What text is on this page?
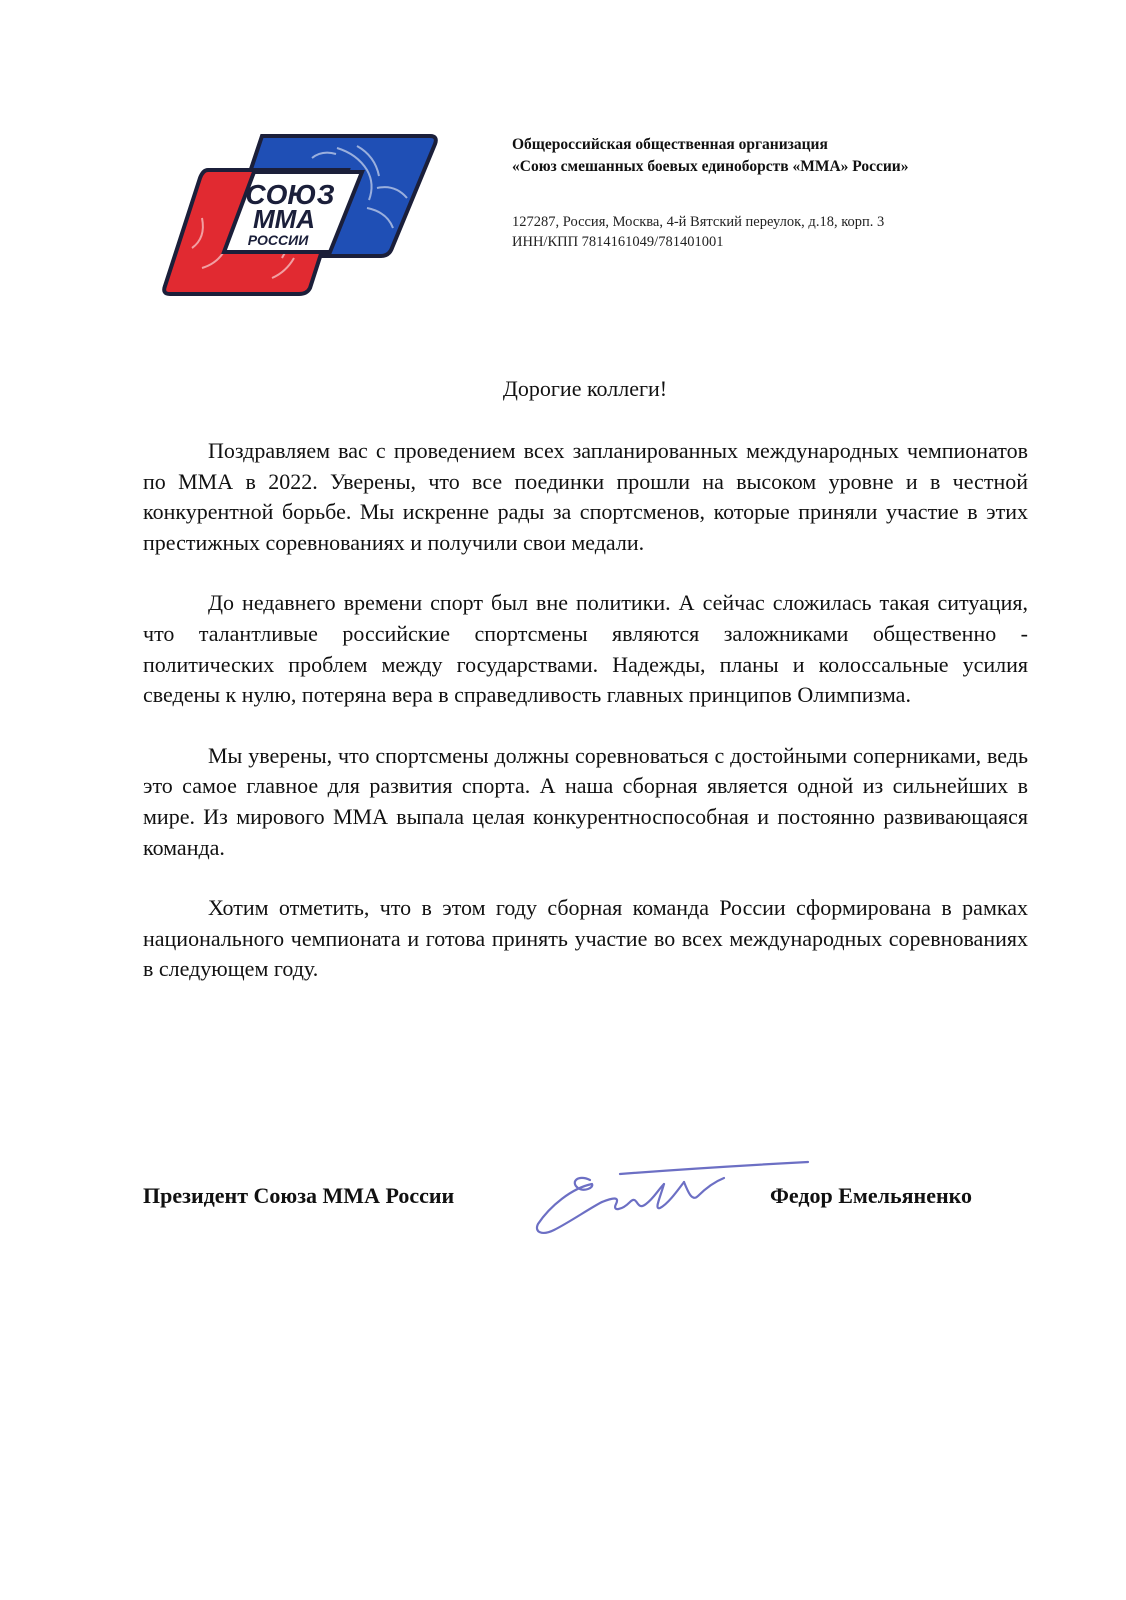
СОЮЗ
ММА
РОССИИ

Общероссийская общественная организация

«Союз смешанных боевых единоборств «ММА» России»

127287, Россия, Москва, 4-й Вятский переулок, д.18, корп. 3
ИНН/КПП 7814161049/781401001
Дорогие коллеги!

Поздравляем вас с проведением всех запланированных международных чемпионатов по ММА в 2022. Уверены, что все поединки прошли на высоком уровне и в честной конкурентной борьбе. Мы искренне рады за спортсменов, которые приняли участие в этих престижных соревнованиях и получили свои медали.

До недавнего времени спорт был вне политики. А сейчас сложилась такая ситуация, что талантливые российские спортсмены являются заложниками общественно - политических проблем между государствами. Надежды, планы и колоссальные усилия сведены к нулю, потеряна вера в справедливость главных принципов Олимпизма.

Мы уверены, что спортсмены должны соревноваться с достойными соперниками, ведь это самое главное для развития спорта. А наша сборная является одной из сильнейших в мире. Из мирового ММА выпала целая конкурентноспособная и постоянно развивающаяся команда.

Хотим отметить, что в этом году сборная команда России сформирована в рамках национального чемпионата и готова принять участие во всех международных соревнованиях в следующем году.

Президент Союза ММА России	Федор Емельяненко
